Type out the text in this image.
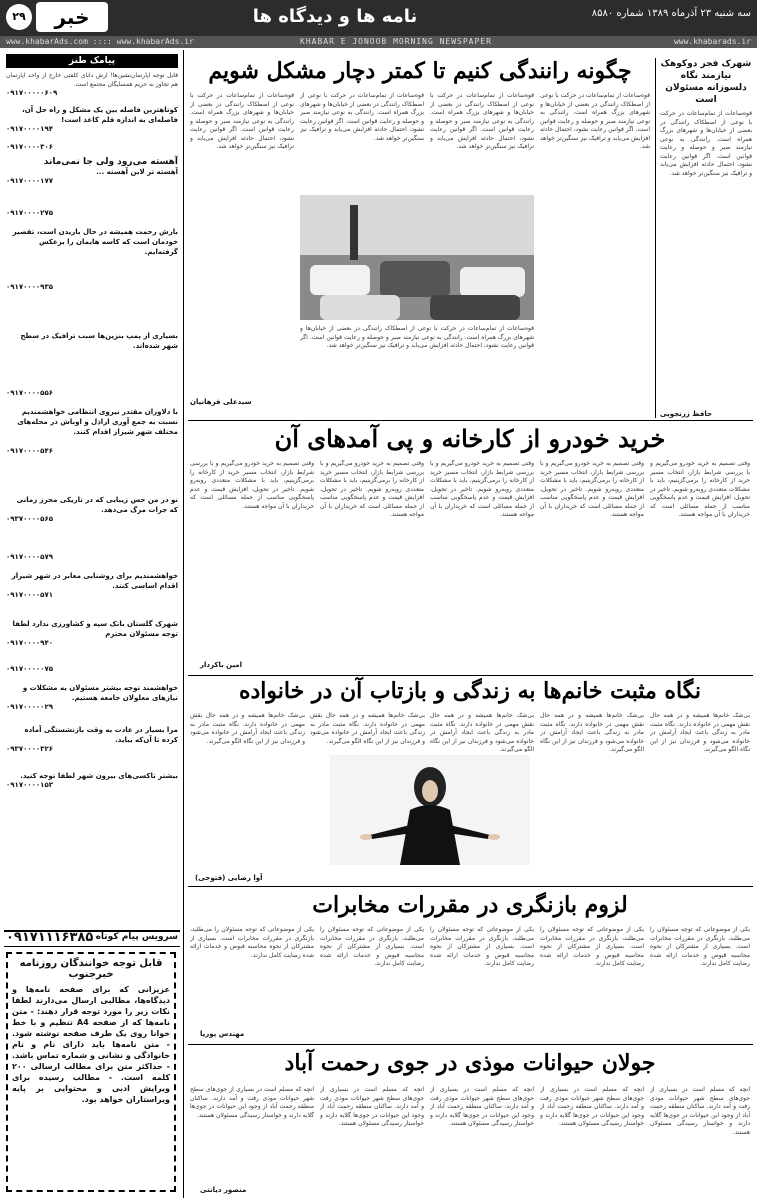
۲۹	خبر	نامه ها و دیدگاه ها	سه شنبه ۲۳ آذرماه ۱۳۸۹ شماره ۸۵۸۰
www.khabarAds.com :::: www.khabarAds.ir	KHABAR E JONOOB MORNING NEWSPAPER	www.khabarads.ir
پیامک طنز
قابل توجه آپارتمان‌نشین‌ها! آرش دانای کلفتی خارج از واحد آپارتمان هم تجاوز به حریم همسایگان مجتمع است.
۰۹۱۷۰۰۰۰۰۶۰۹
کوتاهترین فاصله بین یک مشکل و راه حل آن، فاصله‌ای به اندازه قلم کاغذ است!
۰۹۱۷۰۰۰۰۱۹۴
۰۹۱۷۰۰۰۰۳۰۶
آهسته‌ می‌رود ولی جا نمی‌ماند
آهسته تر لاین آهسته ...
۰۹۱۷۰۰۰۰۱۷۷
۰۹۱۷۰۰۰۰۲۷۵
بارش رحمت همیشه در حال باریدن است، تقصیر خودمان است که کاسه هایمان را برعکس گرفته‌ایم.
۰۹۱۷۰۰۰۰۹۳۵
بسیاری از پمپ بنزین‌ها سبب ترافیک در سطح شهر شده‌اند.
۰۹۱۷۰۰۰۰۵۵۶
با دلاوران مقتدر نیروی انتظامی خواهشمندیم نسبت به جمع آوری اراذل و اوباش در محله‌های مختلف شهر شیراز اقدام کنند.
۰۹۱۷۰۰۰۰۵۴۶
نو در من حس زیبایی که در تاریکی محرز زمانی که جرات مرگ می‌دهد.
۰۹۳۷۰۰۰۰۵۶۵
۰۹۱۷۰۰۰۰۵۷۹
خواهشمندیم برای روشنایی معابر در شهر شیراز اقدام اساسی کنند.
۰۹۱۷۰۰۰۰۵۷۱
شهرک گلستان بانک سپه و کشاورزی ندارد لطفا توجه مسئولان محترم
۰۹۱۷۰۰۰۰۹۴۰
۰۹۱۷۰۰۰۰۰۷۵
خواهشمند توجه بیشتر مسئولان به مشکلات و نیازهای معلولان جامعه هستیم.
۰۹۱۷۰۰۰۰۰۲۹
مرا بسیار در عادت به وقت بازنشستگی آماده کرده تا آن‌که بیاید.
۰۹۳۷۰۰۰۰۳۲۶
بیشتر تاکسی‌های بیرون شهر لطفا توجه کنید.
۰۹۱۷۰۰۰۰۱۵۳
سرویس پیام کوتاه
۰۹۱۷۱۱۱۶۳۸۵
قابل توجه خوانندگان روزنامه خبرجنوب
عزیزانی که برای صفحه نامه‌ها و دیدگاه‌ها، مطالبی ارسال می‌دارند لطفا نکات زیر را مورد توجه قرار دهند: - متن نامه‌ها که از صفحه A4 تنظیم و با خط خوانا روی یک طرف صفحه نوشته شود. - متن نامه‌ها باید دارای نام و نام خانوادگی و نشانی و شماره تماس باشد. - حداکثر متن برای مطالب ارسالی ۲۰۰ کلمه است. - مطالب رسیده برای ویرایش ادبی و محتوایی بر پایه ویراستاران خواهد بود.
شهرک فجر دوکوهک نیازمند نگاه دلسوزانه مسئولان است
قوه‌ساعات از تمام‌ساعات در حرکت با نوعی از اصطکاک رانندگی در بعضی از خیابان‌ها و شهرهای بزرگ همراه است. رانندگی به نوعی نیازمند صبر و حوصله و رعایت قوانین است. اگر قوانین رعایت نشود، احتمال حادثه افزایش می‌یابد و ترافیک نیز سنگین‌تر خواهد شد.
حافظ زرنجویی
چگونه رانندگی کنیم تا کمتر دچار مشکل شویم
قوه‌ساعات از تمام‌ساعات در حرکت با نوعی از اصطکاک رانندگی در بعضی از خیابان‌ها و شهرهای بزرگ همراه است. رانندگی به نوعی نیازمند صبر و حوصله و رعایت قوانین است. اگر قوانین رعایت نشود، احتمال حادثه افزایش می‌یابد و ترافیک نیز سنگین‌تر خواهد شد.
قوه‌ساعات از تمام‌ساعات در حرکت با نوعی از اصطکاک رانندگی در بعضی از خیابان‌ها و شهرهای بزرگ همراه است. رانندگی به نوعی نیازمند صبر و حوصله و رعایت قوانین است. اگر قوانین رعایت نشود، احتمال حادثه افزایش می‌یابد و ترافیک نیز سنگین‌تر خواهد شد.
قوه‌ساعات از تمام‌ساعات در حرکت با نوعی از اصطکاک رانندگی در بعضی از خیابان‌ها و شهرهای بزرگ همراه است. رانندگی به نوعی نیازمند صبر و حوصله و رعایت قوانین است. اگر قوانین رعایت نشود، احتمال حادثه افزایش می‌یابد و ترافیک نیز سنگین‌تر خواهد شد.
قوه‌ساعات از تمام‌ساعات در حرکت با نوعی از اصطکاک رانندگی در بعضی از خیابان‌ها و شهرهای بزرگ همراه است. رانندگی به نوعی نیازمند صبر و حوصله و رعایت قوانین است. اگر قوانین رعایت نشود، احتمال حادثه افزایش می‌یابد و ترافیک نیز سنگین‌تر خواهد شد.
قوه‌ساعات از تمام‌ساعات در حرکت با نوعی از اصطکاک رانندگی در بعضی از خیابان‌ها و شهرهای بزرگ همراه است. رانندگی به نوعی نیازمند صبر و حوصله و رعایت قوانین است. اگر قوانین رعایت نشود، احتمال حادثه افزایش می‌یابد و ترافیک نیز سنگین‌تر خواهد شد.
سیدعلی فرهانیان
خرید خودرو از کارخانه و پی آمدهای آن
وقتی تصمیم به خرید خودرو می‌گیریم و با بررسی شرایط بازار، انتخاب مسیر خرید از کارخانه را برمی‌گزینیم، باید با مشکلات متعددی روبه‌رو شویم. تاخیر در تحویل، افزایش قیمت و عدم پاسخگویی مناسب از جمله مسائلی است که خریداران با آن مواجه هستند.
وقتی تصمیم به خرید خودرو می‌گیریم و با بررسی شرایط بازار، انتخاب مسیر خرید از کارخانه را برمی‌گزینیم، باید با مشکلات متعددی روبه‌رو شویم. تاخیر در تحویل، افزایش قیمت و عدم پاسخگویی مناسب از جمله مسائلی است که خریداران با آن مواجه هستند.
وقتی تصمیم به خرید خودرو می‌گیریم و با بررسی شرایط بازار، انتخاب مسیر خرید از کارخانه را برمی‌گزینیم، باید با مشکلات متعددی روبه‌رو شویم. تاخیر در تحویل، افزایش قیمت و عدم پاسخگویی مناسب از جمله مسائلی است که خریداران با آن مواجه هستند.
وقتی تصمیم به خرید خودرو می‌گیریم و با بررسی شرایط بازار، انتخاب مسیر خرید از کارخانه را برمی‌گزینیم، باید با مشکلات متعددی روبه‌رو شویم. تاخیر در تحویل، افزایش قیمت و عدم پاسخگویی مناسب از جمله مسائلی است که خریداران با آن مواجه هستند.
وقتی تصمیم به خرید خودرو می‌گیریم و با بررسی شرایط بازار، انتخاب مسیر خرید از کارخانه را برمی‌گزینیم، باید با مشکلات متعددی روبه‌رو شویم. تاخیر در تحویل، افزایش قیمت و عدم پاسخگویی مناسب از جمله مسائلی است که خریداران با آن مواجه هستند.
امین باکردار
نگاه مثبت خانم‌ها به زندگی و بازتاب آن در خانواده
بی‌شک خانم‌ها همیشه و در همه حال نقش مهمی در خانواده دارند. نگاه مثبت مادر به زندگی باعث ایجاد آرامش در خانواده می‌شود و فرزندان نیز از این نگاه الگو می‌گیرند.
بی‌شک خانم‌ها همیشه و در همه حال نقش مهمی در خانواده دارند. نگاه مثبت مادر به زندگی باعث ایجاد آرامش در خانواده می‌شود و فرزندان نیز از این نگاه الگو می‌گیرند.
بی‌شک خانم‌ها همیشه و در همه حال نقش مهمی در خانواده دارند. نگاه مثبت مادر به زندگی باعث ایجاد آرامش در خانواده می‌شود و فرزندان نیز از این نگاه الگو می‌گیرند.
بی‌شک خانم‌ها همیشه و در همه حال نقش مهمی در خانواده دارند. نگاه مثبت مادر به زندگی باعث ایجاد آرامش در خانواده می‌شود و فرزندان نیز از این نگاه الگو می‌گیرند.
بی‌شک خانم‌ها همیشه و در همه حال نقش مهمی در خانواده دارند. نگاه مثبت مادر به زندگی باعث ایجاد آرامش در خانواده می‌شود و فرزندان نیز از این نگاه الگو می‌گیرند.
آوا رضایی (فتوحی)
لزوم بازنگری در مقررات مخابرات
یکی از موضوعاتی که توجه مسئولان را می‌طلبد، بازنگری در مقررات مخابرات است. بسیاری از مشترکان از نحوه محاسبه قبوض و خدمات ارائه شده رضایت کامل ندارند.
یکی از موضوعاتی که توجه مسئولان را می‌طلبد، بازنگری در مقررات مخابرات است. بسیاری از مشترکان از نحوه محاسبه قبوض و خدمات ارائه شده رضایت کامل ندارند.
یکی از موضوعاتی که توجه مسئولان را می‌طلبد، بازنگری در مقررات مخابرات است. بسیاری از مشترکان از نحوه محاسبه قبوض و خدمات ارائه شده رضایت کامل ندارند.
یکی از موضوعاتی که توجه مسئولان را می‌طلبد، بازنگری در مقررات مخابرات است. بسیاری از مشترکان از نحوه محاسبه قبوض و خدمات ارائه شده رضایت کامل ندارند.
یکی از موضوعاتی که توجه مسئولان را می‌طلبد، بازنگری در مقررات مخابرات است. بسیاری از مشترکان از نحوه محاسبه قبوض و خدمات ارائه شده رضایت کامل ندارند.
مهندس پوریا
جولان حیوانات موذی در جوی رحمت آباد
آنچه که مسلم است در بسیاری از جوی‌های سطح شهر حیوانات موذی رفت و آمد دارند. ساکنان منطقه رحمت آباد از وجود این حیوانات در جوی‌ها گلایه دارند و خواستار رسیدگی مسئولان هستند.
آنچه که مسلم است در بسیاری از جوی‌های سطح شهر حیوانات موذی رفت و آمد دارند. ساکنان منطقه رحمت آباد از وجود این حیوانات در جوی‌ها گلایه دارند و خواستار رسیدگی مسئولان هستند.
آنچه که مسلم است در بسیاری از جوی‌های سطح شهر حیوانات موذی رفت و آمد دارند. ساکنان منطقه رحمت آباد از وجود این حیوانات در جوی‌ها گلایه دارند و خواستار رسیدگی مسئولان هستند.
آنچه که مسلم است در بسیاری از جوی‌های سطح شهر حیوانات موذی رفت و آمد دارند. ساکنان منطقه رحمت آباد از وجود این حیوانات در جوی‌ها گلایه دارند و خواستار رسیدگی مسئولان هستند.
آنچه که مسلم است در بسیاری از جوی‌های سطح شهر حیوانات موذی رفت و آمد دارند. ساکنان منطقه رحمت آباد از وجود این حیوانات در جوی‌ها گلایه دارند و خواستار رسیدگی مسئولان هستند.
منصور دیانتی
